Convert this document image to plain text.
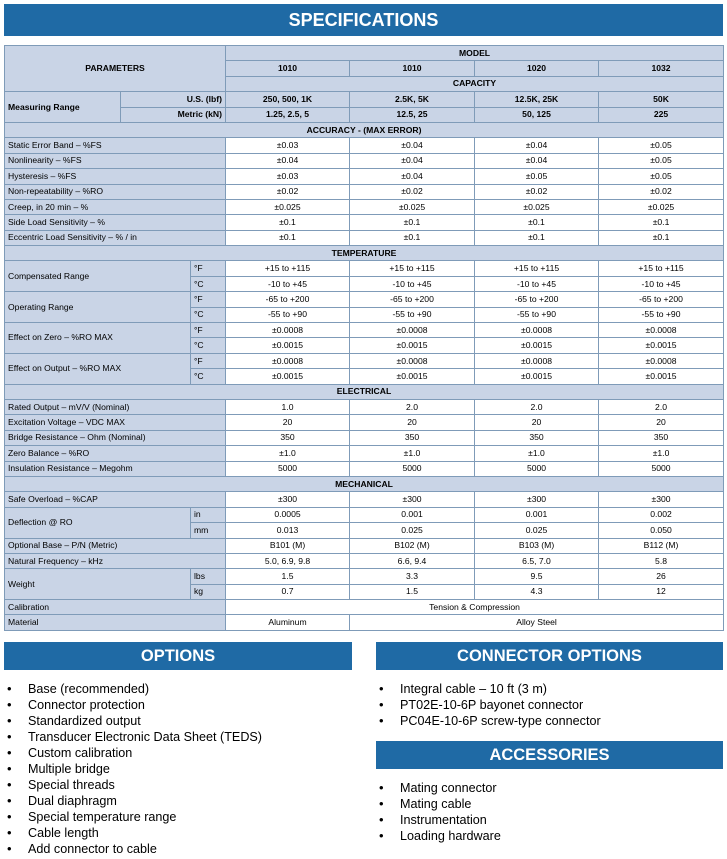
SPECIFICATIONS
PARAMETERS			MODEL			
			1010	1010	1020	1032
			CAPACITY			
Measuring Range	U.S. (lbf)		250, 500, 1K	2.5K, 5K	12.5K, 25K	50K
	Metric (kN)		1.25, 2.5, 5	12.5, 25	50, 125	225
ACCURACY - (MAX ERROR)						
Static Error Band – %FS			±0.03	±0.04	±0.04	±0.05
Nonlinearity – %FS			±0.04	±0.04	±0.04	±0.05
Hysteresis – %FS			±0.03	±0.04	±0.05	±0.05
Non-repeatability – %RO			±0.02	±0.02	±0.02	±0.02
Creep, in 20 min – %			±0.025	±0.025	±0.025	±0.025
Side Load Sensitivity – %			±0.1	±0.1	±0.1	±0.1
Eccentric Load Sensitivity – % / in			±0.1	±0.1	±0.1	±0.1
TEMPERATURE						
Compensated Range		°F	+15 to +115	+15 to +115	+15 to +115	+15 to +115
		°C	-10 to +45	-10 to +45	-10 to +45	-10 to +45
Operating Range		°F	-65 to +200	-65 to +200	-65 to +200	-65 to +200
		°C	-55 to +90	-55 to +90	-55 to +90	-55 to +90
Effect on Zero – %RO MAX		°F	±0.0008	±0.0008	±0.0008	±0.0008
		°C	±0.0015	±0.0015	±0.0015	±0.0015
Effect on Output – %RO MAX		°F	±0.0008	±0.0008	±0.0008	±0.0008
		°C	±0.0015	±0.0015	±0.0015	±0.0015
ELECTRICAL						
Rated Output – mV/V (Nominal)			1.0	2.0	2.0	2.0
Excitation Voltage – VDC MAX			20	20	20	20
Bridge Resistance – Ohm (Nominal)			350	350	350	350
Zero Balance – %RO			±1.0	±1.0	±1.0	±1.0
Insulation Resistance – Megohm			5000	5000	5000	5000
MECHANICAL						
Safe Overload – %CAP			±300	±300	±300	±300
Deflection @ RO		in	0.0005	0.001	0.001	0.002
		mm	0.013	0.025	0.025	0.050
Optional Base – P/N (Metric)			B101 (M)	B102 (M)	B103 (M)	B112 (M)
Natural Frequency – kHz			5.0, 6.9, 9.8	6.6, 9.4	6.5, 7.0	5.8
Weight		lbs	1.5	3.3	9.5	26
		kg	0.7	1.5	4.3	12
Calibration			Tension & Compression			
Material			Aluminum	Alloy Steel		
OPTIONS
• Base (recommended)
• Connector protection
• Standardized output
• Transducer Electronic Data Sheet (TEDS)
• Custom calibration
• Multiple bridge
• Special threads
• Dual diaphragm
• Special temperature range
• Cable length
• Add connector to cable
CONNECTOR OPTIONS
• Integral cable – 10 ft (3 m)
• PT02E-10-6P bayonet connector
• PC04E-10-6P screw-type connector
ACCESSORIES
• Mating connector
• Mating cable
• Instrumentation
• Loading hardware
